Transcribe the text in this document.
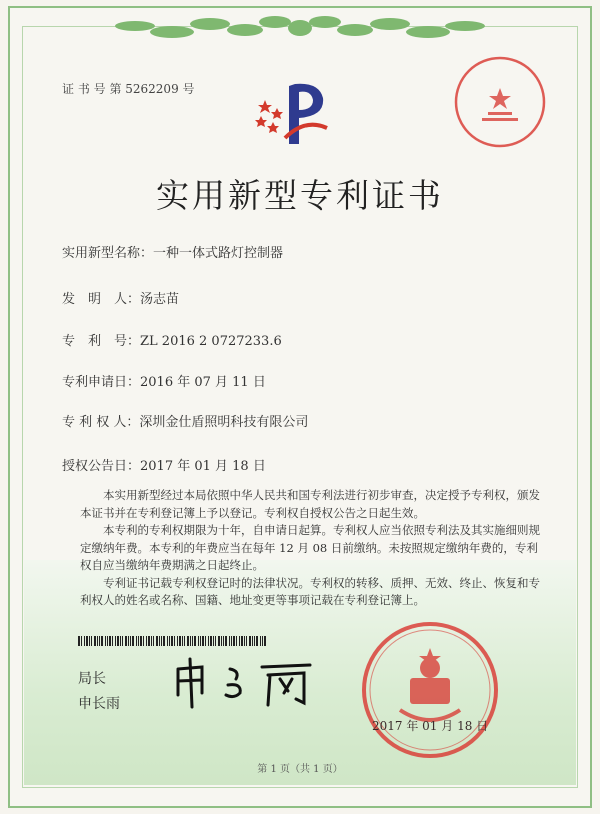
证 书 号 第 5262209 号
实用新型专利证书
实用新型名称：一种一体式路灯控制器
发　明　人：汤志苗
专　利　号：ZL 2016 2 0727233.6
专利申请日：2016 年 07 月 11 日
专 利 权 人：深圳金仕盾照明科技有限公司
授权公告日：2017 年 01 月 18 日

本实用新型经过本局依照中华人民共和国专利法进行初步审查，决定授予专利权，颁发本证书并在专利登记簿上予以登记。专利权自授权公告之日起生效。

本专利的专利权期限为十年，自申请日起算。专利权人应当依照专利法及其实施细则规定缴纳年费。本专利的年费应当在每年 12 月 08 日前缴纳。未按照规定缴纳年费的，专利权自应当缴纳年费期满之日起终止。

专利证书记载专利权登记时的法律状况。专利权的转移、质押、无效、终止、恢复和专利权人的姓名或名称、国籍、地址变更等事项记载在专利登记簿上。

局长
申长雨
2017 年 01 月 18 日
第 1 页（共 1 页）
